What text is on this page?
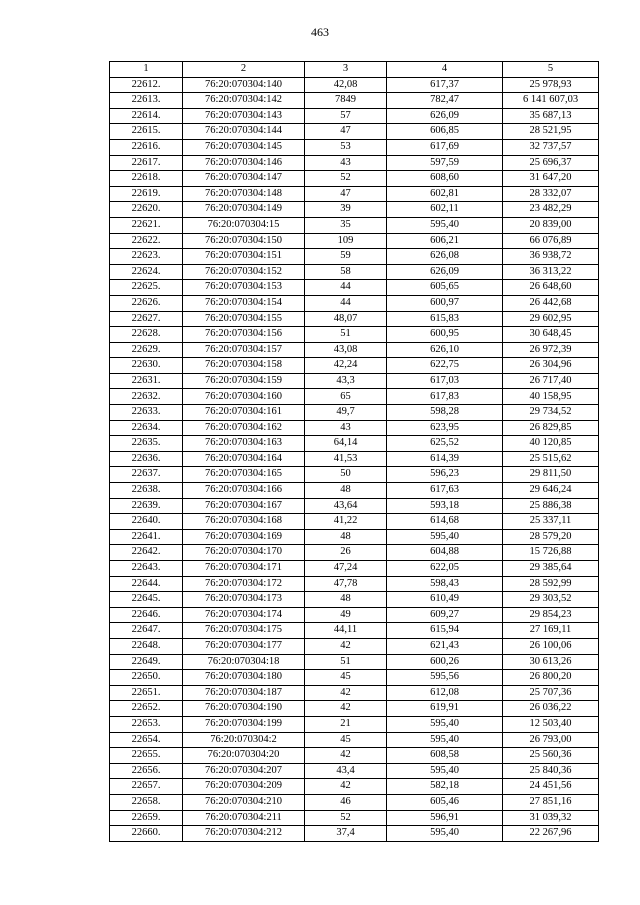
463
1	2	3	4	5
22612.	76:20:070304:140	42,08	617,37	25 978,93
22613.	76:20:070304:142	7849	782,47	6 141 607,03
22614.	76:20:070304:143	57	626,09	35 687,13
22615.	76:20:070304:144	47	606,85	28 521,95
22616.	76:20:070304:145	53	617,69	32 737,57
22617.	76:20:070304:146	43	597,59	25 696,37
22618.	76:20:070304:147	52	608,60	31 647,20
22619.	76:20:070304:148	47	602,81	28 332,07
22620.	76:20:070304:149	39	602,11	23 482,29
22621.	76:20:070304:15	35	595,40	20 839,00
22622.	76:20:070304:150	109	606,21	66 076,89
22623.	76:20:070304:151	59	626,08	36 938,72
22624.	76:20:070304:152	58	626,09	36 313,22
22625.	76:20:070304:153	44	605,65	26 648,60
22626.	76:20:070304:154	44	600,97	26 442,68
22627.	76:20:070304:155	48,07	615,83	29 602,95
22628.	76:20:070304:156	51	600,95	30 648,45
22629.	76:20:070304:157	43,08	626,10	26 972,39
22630.	76:20:070304:158	42,24	622,75	26 304,96
22631.	76:20:070304:159	43,3	617,03	26 717,40
22632.	76:20:070304:160	65	617,83	40 158,95
22633.	76:20:070304:161	49,7	598,28	29 734,52
22634.	76:20:070304:162	43	623,95	26 829,85
22635.	76:20:070304:163	64,14	625,52	40 120,85
22636.	76:20:070304:164	41,53	614,39	25 515,62
22637.	76:20:070304:165	50	596,23	29 811,50
22638.	76:20:070304:166	48	617,63	29 646,24
22639.	76:20:070304:167	43,64	593,18	25 886,38
22640.	76:20:070304:168	41,22	614,68	25 337,11
22641.	76:20:070304:169	48	595,40	28 579,20
22642.	76:20:070304:170	26	604,88	15 726,88
22643.	76:20:070304:171	47,24	622,05	29 385,64
22644.	76:20:070304:172	47,78	598,43	28 592,99
22645.	76:20:070304:173	48	610,49	29 303,52
22646.	76:20:070304:174	49	609,27	29 854,23
22647.	76:20:070304:175	44,11	615,94	27 169,11
22648.	76:20:070304:177	42	621,43	26 100,06
22649.	76:20:070304:18	51	600,26	30 613,26
22650.	76:20:070304:180	45	595,56	26 800,20
22651.	76:20:070304:187	42	612,08	25 707,36
22652.	76:20:070304:190	42	619,91	26 036,22
22653.	76:20:070304:199	21	595,40	12 503,40
22654.	76:20:070304:2	45	595,40	26 793,00
22655.	76:20:070304:20	42	608,58	25 560,36
22656.	76:20:070304:207	43,4	595,40	25 840,36
22657.	76:20:070304:209	42	582,18	24 451,56
22658.	76:20:070304:210	46	605,46	27 851,16
22659.	76:20:070304:211	52	596,91	31 039,32
22660.	76:20:070304:212	37,4	595,40	22 267,96
